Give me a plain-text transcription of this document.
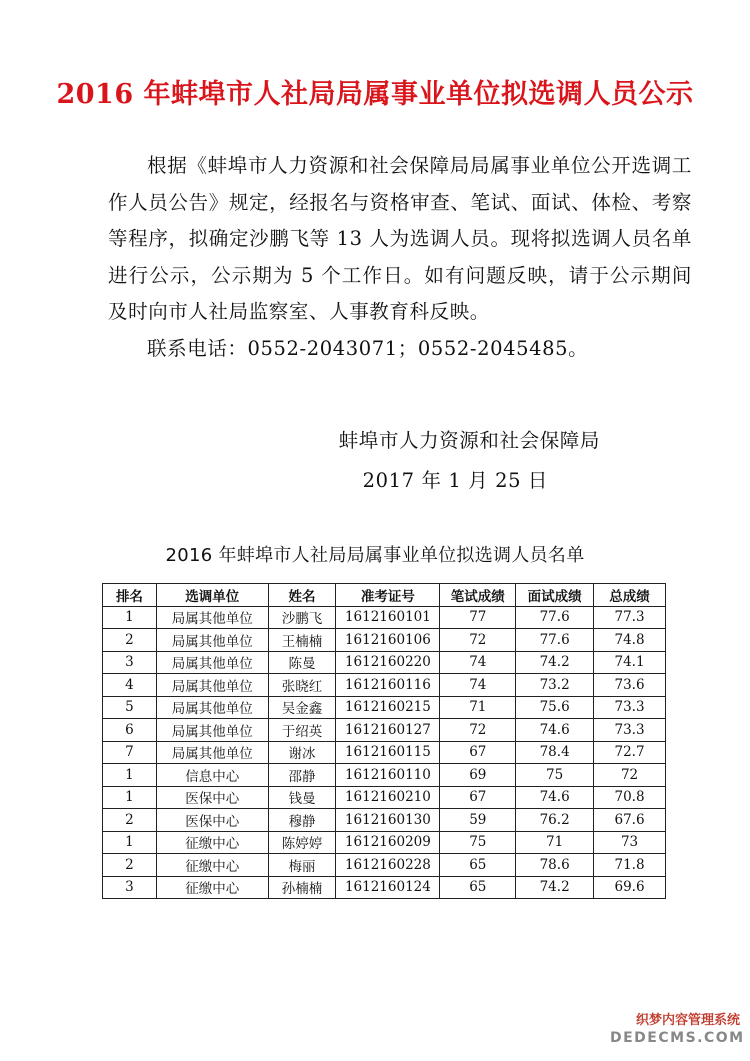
2016 年蚌埠市人社局局属事业单位拟选调人员公示

根据《蚌埠市人力资源和社会保障局局属事业单位公开选调工作人员公告》规定，经报名与资格审查、笔试、面试、体检、考察等程序，拟确定沙鹏飞等 13 人为选调人员。现将拟选调人员名单进行公示，公示期为 5 个工作日。如有问题反映，请于公示期间及时向市人社局监察室、人事教育科反映。

联系电话：0552-2043071；0552-2045485。

蚌埠市人力资源和社会保障局
2017 年 1 月 25 日
2016 年蚌埠市人社局局属事业单位拟选调人员名单
排名	选调单位	姓名	准考证号	笔试成绩	面试成绩	总成绩
1	局属其他单位	沙鹏飞	1612160101	77	77.6	77.3
2	局属其他单位	王楠楠	1612160106	72	77.6	74.8
3	局属其他单位	陈曼	1612160220	74	74.2	74.1
4	局属其他单位	张晓红	1612160116	74	73.2	73.6
5	局属其他单位	吴金鑫	1612160215	71	75.6	73.3
6	局属其他单位	于绍英	1612160127	72	74.6	73.3
7	局属其他单位	谢冰	1612160115	67	78.4	72.7
1	信息中心	邵静	1612160110	69	75	72
1	医保中心	钱曼	1612160210	67	74.6	70.8
2	医保中心	穆静	1612160130	59	76.2	67.6
1	征缴中心	陈婷婷	1612160209	75	71	73
2	征缴中心	梅丽	1612160228	65	78.6	71.8
3	征缴中心	孙楠楠	1612160124	65	74.2	69.6
织梦内容管理系统
DEDECMS.COM
